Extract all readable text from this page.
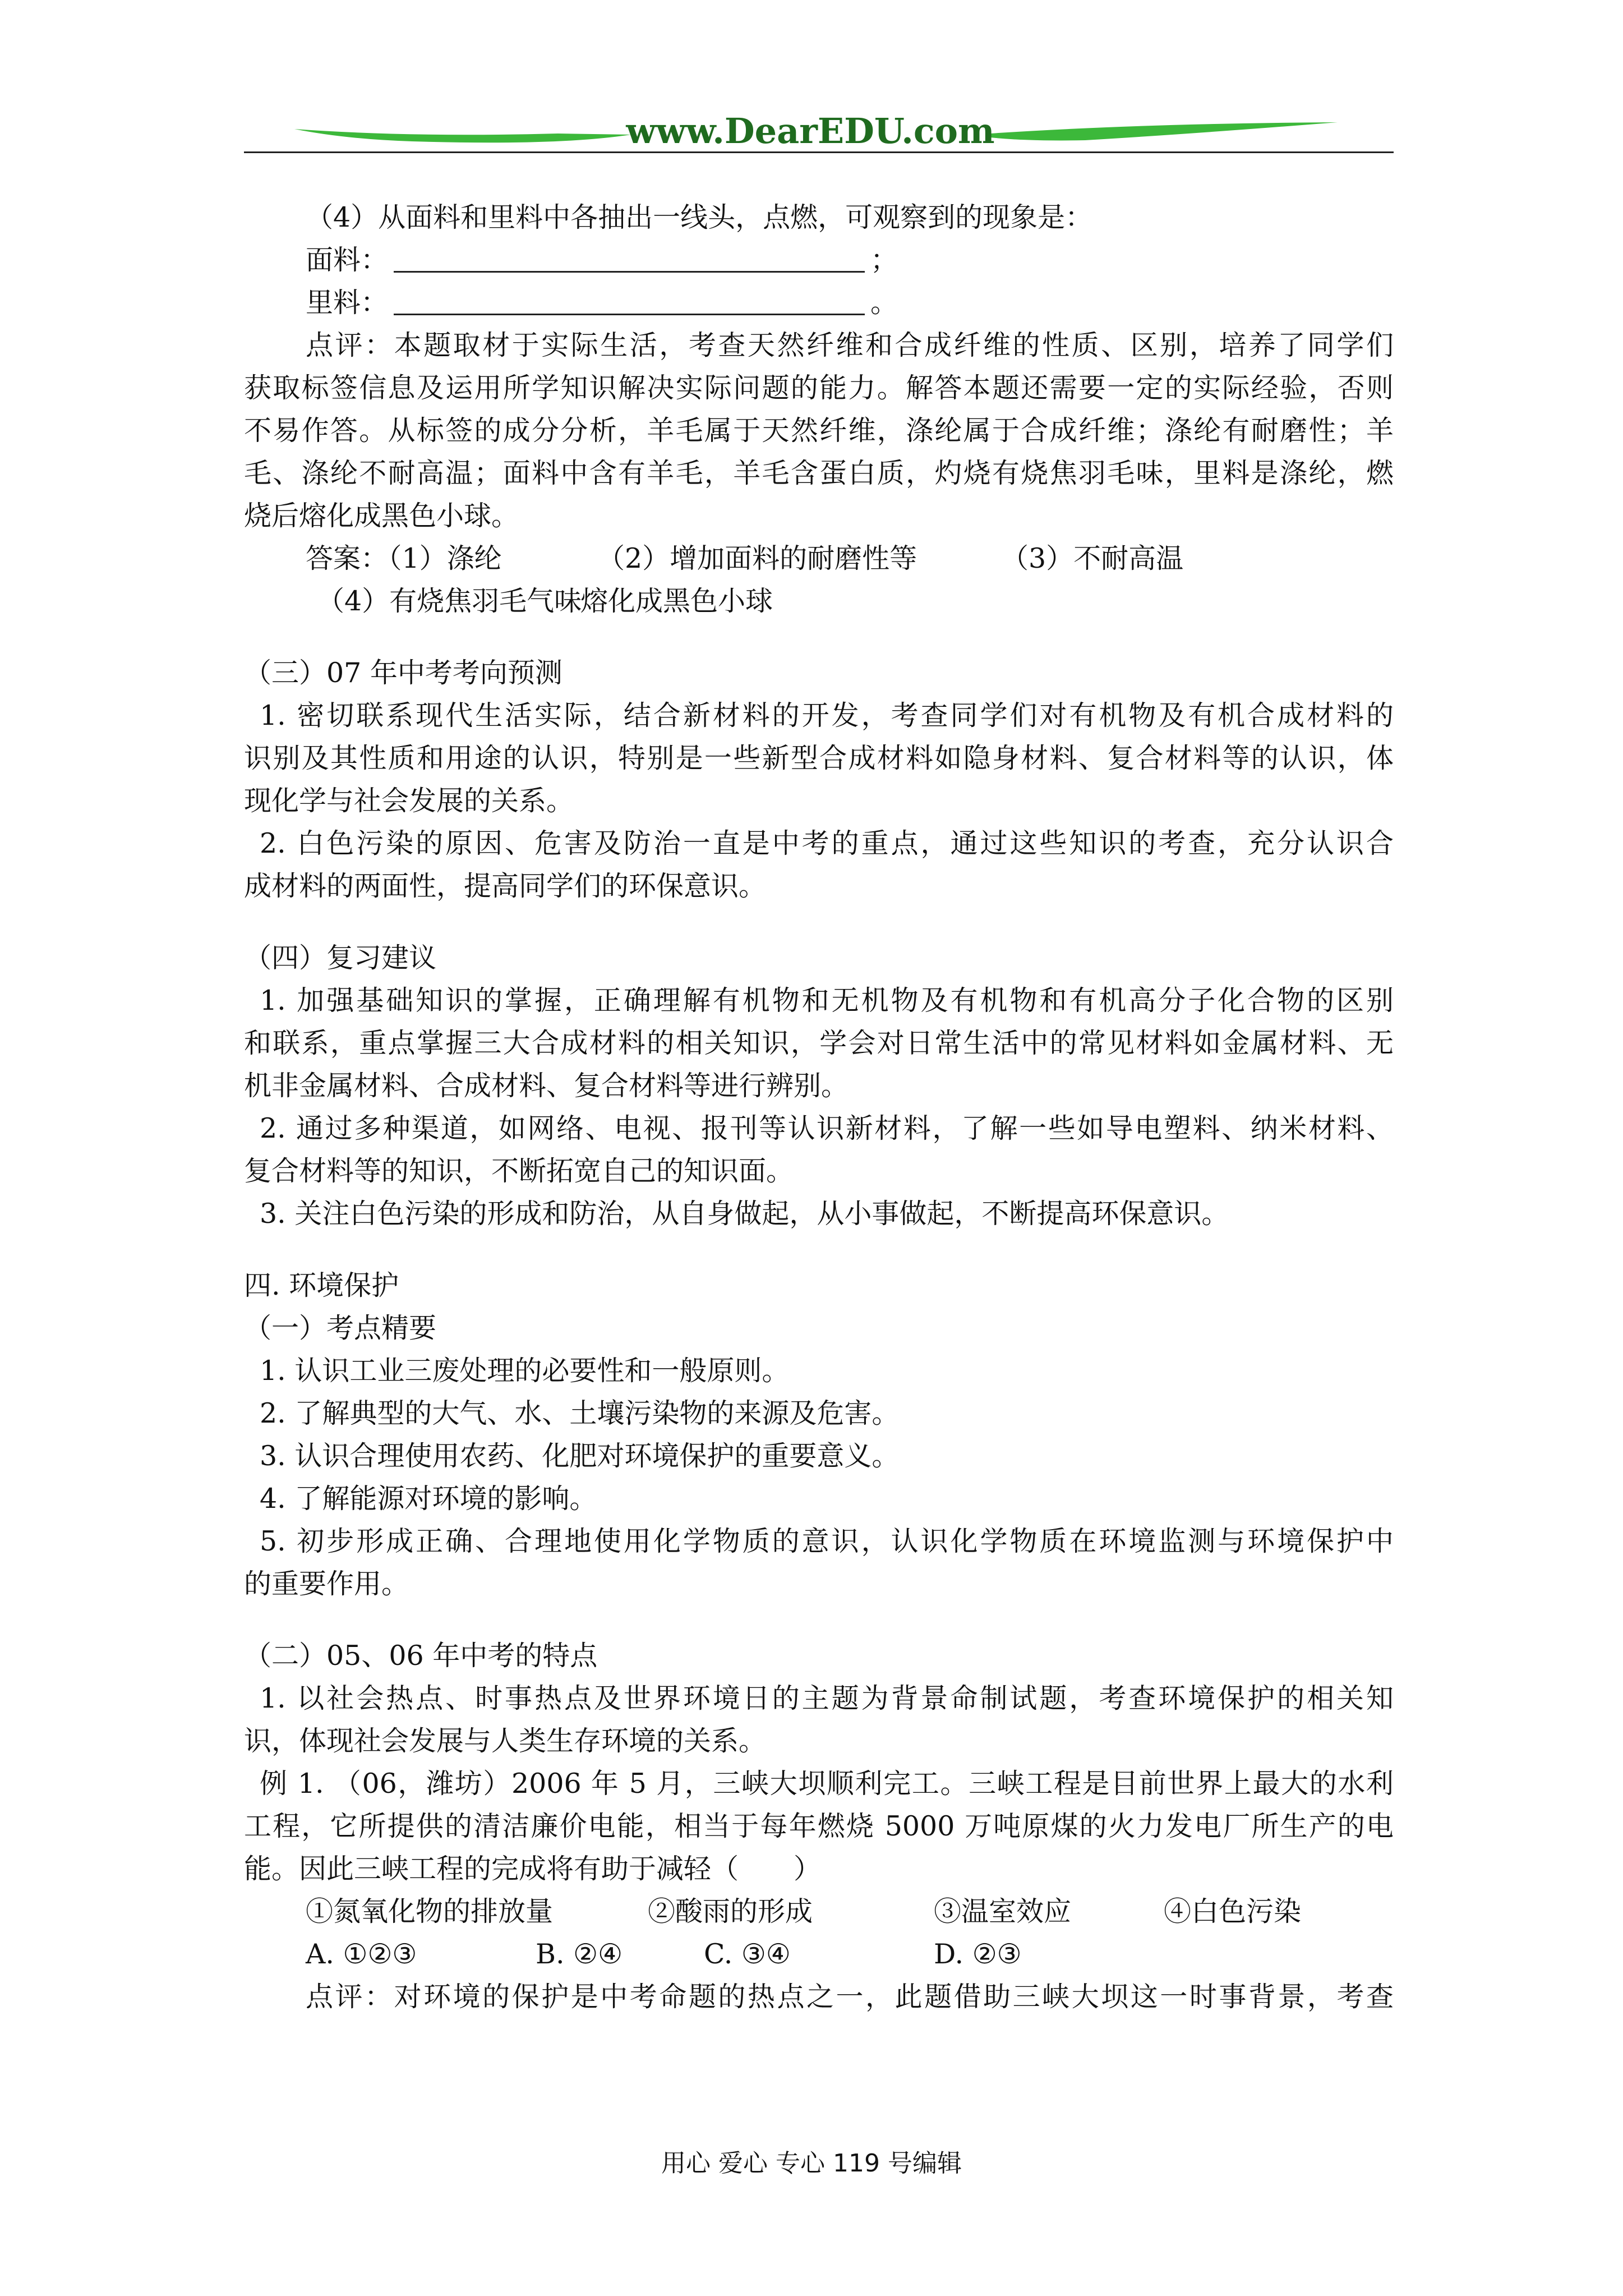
www.DearEDU.com
（4）从面料和里料中各抽出一线头，点燃，可观察到的现象是：
面料：	；
里料：	。
点评：本题取材于实际生活，考查天然纤维和合成纤维的性质、区别，培养了同学们
获取标签信息及运用所学知识解决实际问题的能力。解答本题还需要一定的实际经验，否则
不易作答。从标签的成分分析，羊毛属于天然纤维，涤纶属于合成纤维；涤纶有耐磨性；羊
毛、涤纶不耐高温；面料中含有羊毛，羊毛含蛋白质，灼烧有烧焦羽毛味，里料是涤纶，燃
烧后熔化成黑色小球。
答案：（1）涤纶	（2）增加面料的耐磨性等	（3）不耐高温
（4）有烧焦羽毛气味熔化成黑色小球
（三）07 年中考考向预测
1. 密切联系现代生活实际，结合新材料的开发，考查同学们对有机物及有机合成材料的
识别及其性质和用途的认识，特别是一些新型合成材料如隐身材料、复合材料等的认识，体
现化学与社会发展的关系。
2. 白色污染的原因、危害及防治一直是中考的重点，通过这些知识的考查，充分认识合
成材料的两面性，提高同学们的环保意识。
（四）复习建议
1. 加强基础知识的掌握，正确理解有机物和无机物及有机物和有机高分子化合物的区别
和联系，重点掌握三大合成材料的相关知识，学会对日常生活中的常见材料如金属材料、无
机非金属材料、合成材料、复合材料等进行辨别。
2. 通过多种渠道，如网络、电视、报刊等认识新材料，了解一些如导电塑料、纳米材料、
复合材料等的知识，不断拓宽自己的知识面。
3. 关注白色污染的形成和防治，从自身做起，从小事做起，不断提高环保意识。
四. 环境保护
（一）考点精要
1. 认识工业三废处理的必要性和一般原则。
2. 了解典型的大气、水、土壤污染物的来源及危害。
3. 认识合理使用农药、化肥对环境保护的重要意义。
4. 了解能源对环境的影响。
5. 初步形成正确、合理地使用化学物质的意识，认识化学物质在环境监测与环境保护中
的重要作用。
（二）05、06 年中考的特点
1. 以社会热点、时事热点及世界环境日的主题为背景命制试题，考查环境保护的相关知
识，体现社会发展与人类生存环境的关系。
例 1. （06，潍坊）2006 年 5 月，三峡大坝顺利完工。三峡工程是目前世界上最大的水利
工程，它所提供的清洁廉价电能，相当于每年燃烧 5000 万吨原煤的火力发电厂所生产的电
能。因此三峡工程的完成将有助于减轻（　　）
①氮氧化物的排放量	②酸雨的形成	③温室效应	④白色污染
A. ①②③	B. ②④	C. ③④	D. ②③
点评：对环境的保护是中考命题的热点之一，此题借助三峡大坝这一时事背景，考查
用心 爱心 专心 119 号编辑
